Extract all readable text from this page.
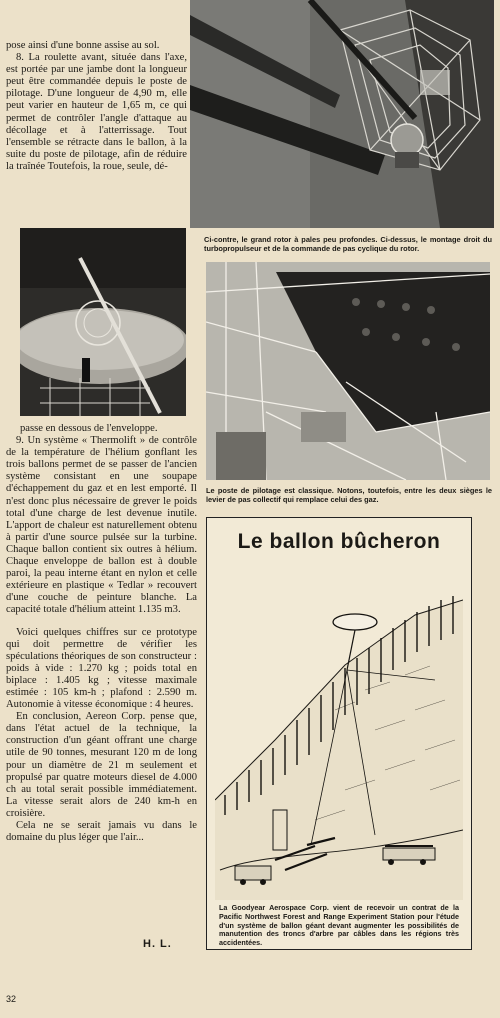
pose ainsi d'une bonne assise au sol.

8. La roulette avant, située dans l'axe, est portée par une jambe dont la longueur peut être commandée depuis le poste de pilotage. D'une longueur de 4,90 m, elle peut varier en hauteur de 1,65 m, ce qui permet de contrôler l'angle d'attaque au décollage et à l'atterrissage. Tout l'ensemble se rétracte dans le ballon, à la suite du poste de pilotage, afin de réduire la traînée Toutefois, la roue, seule, dé-

Ci-contre, le grand rotor à pales peu profondes. Ci-dessus, le montage droit du turbopropulseur et de la commande de pas cyclique du rotor.
Le poste de pilotage est classique. Notons, toutefois, entre les deux sièges le levier de pas collectif qui remplace celui des gaz.

passe en dessous de l'enveloppe.

9. Un système « Thermolift » de contrôle de la température de l'hélium gonflant les trois ballons permet de se passer de l'ancien système consistant en une soupape d'échappement du gaz et en lest emporté. Il n'est donc plus nécessaire de grever le poids total d'une charge de lest devenue inutile. L'apport de chaleur est naturellement obtenu à partir d'une source pulsée sur la turbine. Chaque ballon contient six outres à hélium. Chaque enveloppe de ballon est à double paroi, la peau interne étant en nylon et celle extérieure en plastique « Tedlar » recouvert d'une couche de peinture blanche. La capacité totale d'hélium atteint 1.135 m3.

Voici quelques chiffres sur ce prototype qui doit permettre de vérifier les spéculations théoriques de son constructeur : poids à vide : 1.270 kg ; poids total en biplace : 1.405 kg ; vitesse maximale estimée : 105 km-h ; plafond : 2.590 m. Autonomie à vitesse économique : 4 heures.

En conclusion, Aereon Corp. pense que, dans l'état actuel de la technique, la construction d'un géant offrant une charge utile de 90 tonnes, mesurant 120 m de long pour un diamètre de 21 m seulement et propulsé par quatre moteurs diesel de 4.000 ch au total serait possible immédiatement. La vitesse serait alors de 240 km-h en croisière.

Cela ne se serait jamais vu dans le domaine du plus léger que l'air...

H. L.
Le ballon bûcheron
La Goodyear Aerospace Corp. vient de recevoir un contrat de la Pacific Northwest Forest and Range Experiment Station pour l'étude d'un système de ballon géant devant augmenter les possibilités de manutention des troncs d'arbre par câbles dans les régions très accidentées.
32
